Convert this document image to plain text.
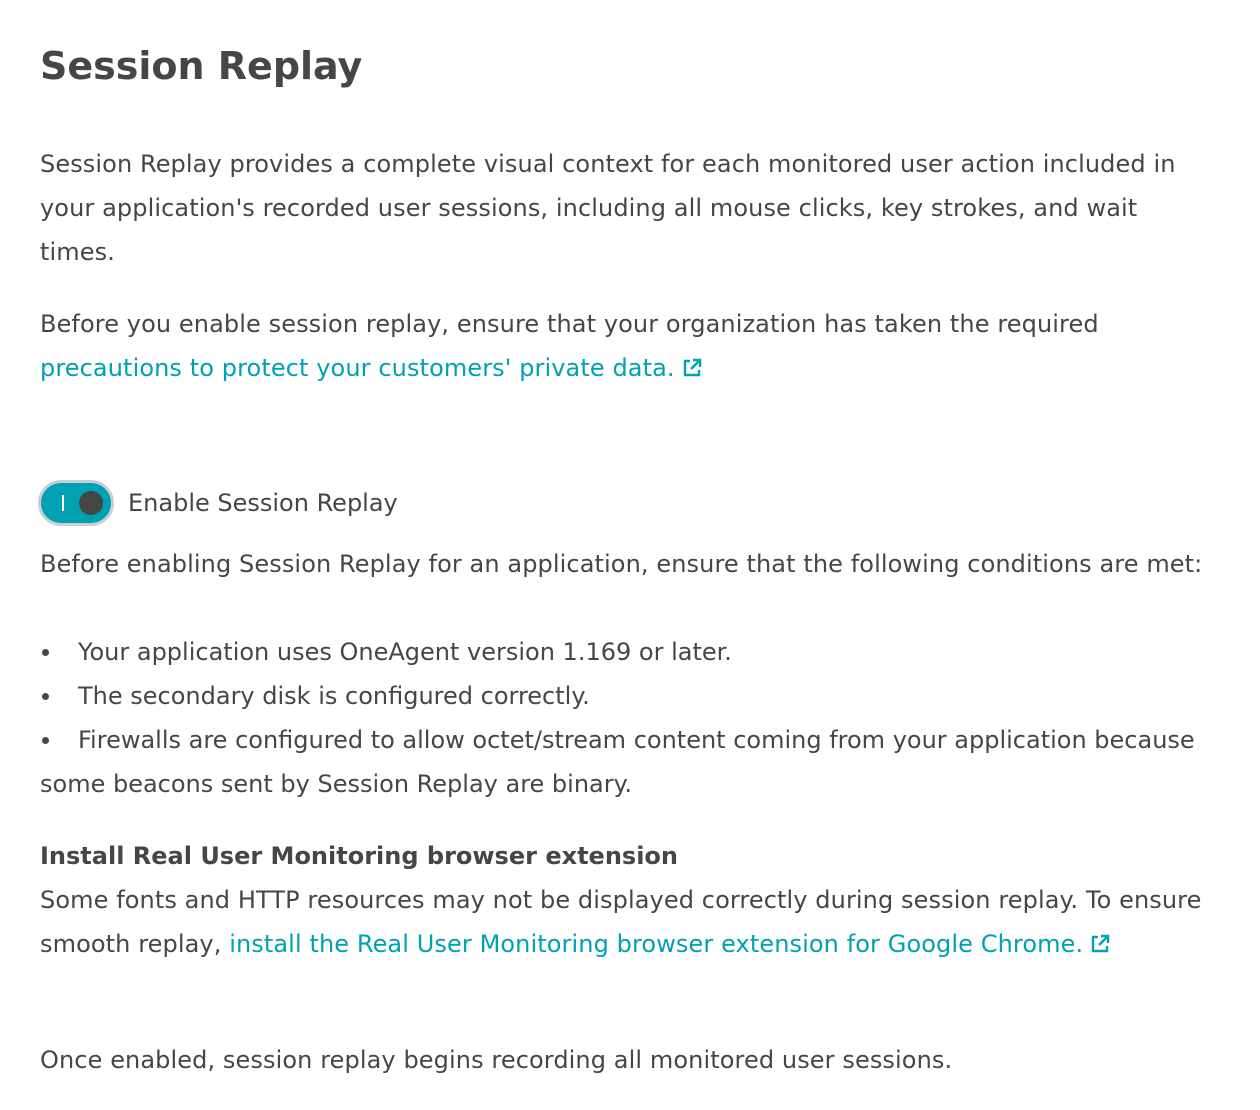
Session Replay

Session Replay provides a complete visual context for each monitored user action included in your application's recorded user sessions, including all mouse clicks, key strokes, and wait times.

Before you enable session replay, ensure that your organization has taken the required precautions to protect your customers' private data.

Enable Session Replay

Before enabling Session Replay for an application, ensure that the following conditions are met:

Your application uses OneAgent version 1.169 or later.
The secondary disk is configured correctly.
Firewalls are configured to allow octet/stream content coming from your application because some beacons sent by Session Replay are binary.
Install Real User Monitoring browser extension

Some fonts and HTTP resources may not be displayed correctly during session replay. To ensure smooth replay, install the Real User Monitoring browser extension for Google Chrome.

Once enabled, session replay begins recording all monitored user sessions.
